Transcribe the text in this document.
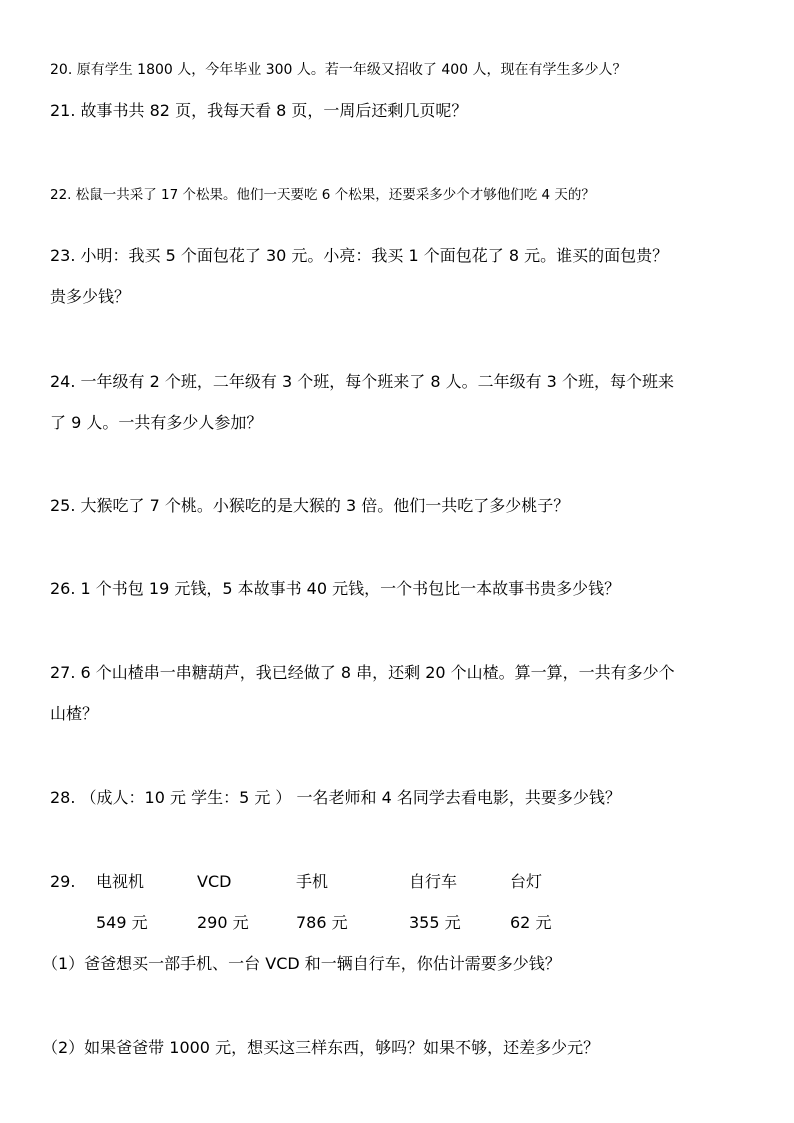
20. 原有学生 1800 人，今年毕业 300 人。若一年级又招收了 400 人，现在有学生多少人？
21. 故事书共 82 页，我每天看 8 页，一周后还剩几页呢？
22. 松鼠一共采了 17 个松果。他们一天要吃 6 个松果，还要采多少个才够他们吃 4 天的？
23. 小明：我买 5 个面包花了 30 元。小亮：我买 1 个面包花了 8 元。谁买的面包贵？
贵多少钱？
24. 一年级有 2 个班，二年级有 3 个班，每个班来了 8 人。二年级有 3 个班，每个班来
了 9 人。一共有多少人参加？
25. 大猴吃了 7 个桃。小猴吃的是大猴的 3 倍。他们一共吃了多少桃子？
26. 1 个书包 19 元钱，5 本故事书 40 元钱，一个书包比一本故事书贵多少钱？
27. 6 个山楂串一串糖葫芦，我已经做了 8 串，还剩 20 个山楂。算一算，一共有多少个
山楂？
28. （成人：10 元 学生：5 元 ） 一名老师和 4 名同学去看电影，共要多少钱？
29. 电视机	VCD	手机	自行车	台灯
549 元	290 元	786 元	355 元	62 元
（1）爸爸想买一部手机、一台 VCD 和一辆自行车，你估计需要多少钱？
（2）如果爸爸带 1000 元，想买这三样东西，够吗？如果不够，还差多少元？
